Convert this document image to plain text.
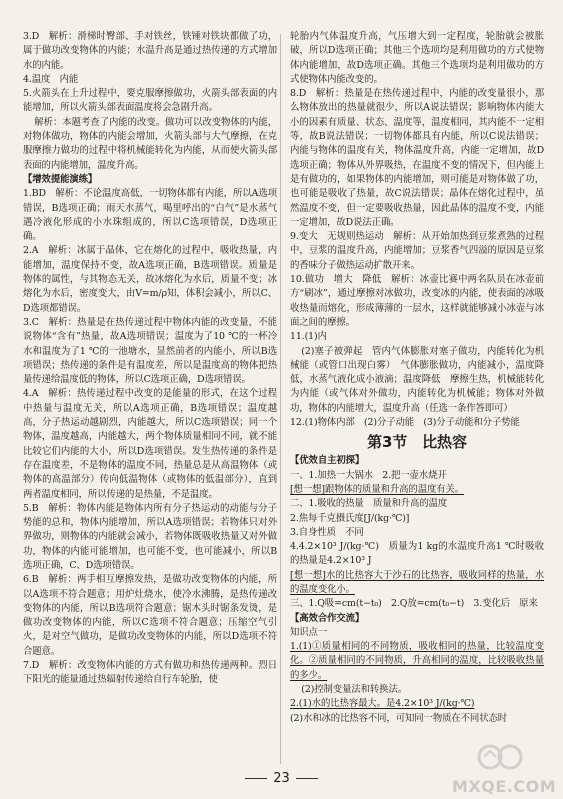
3.D　解析：滑梯时臀部、手对铁丝，铁锤对铁块都做了功，属于做功改变物体的内能；水温升高是通过热传递的方式增加水的内能。

4.温度　内能

5.火箭头在上升过程中，要克服摩擦做功，火箭头部表面的内能增加，所以火箭头部表面温度将会急剧升高。

解析：本题考查了内能的改变。做功可以改变物体的内能，对物体做功，物体的内能会增加，火箭头部与大气摩擦，在克服摩擦力做功的过程中将机械能转化为内能，从而使火箭头部表面的内能增加，温度升高。

【增效提能演练】

1.BD　解析：不论温度高低，一切物体都有内能，所以A选项错误，B选项正确；雨天水蒸气，喝里呼出的“白气”是水蒸气遇冷液化形成的小水珠组成的，所以C选项错误，D选项正确。

2.A　解析：冰属于晶体，它在熔化的过程中，吸收热量，内能增加，温度保持不变，故A选项正确，B选项错误。质量是物体的属性，与其物态无关，故冰熔化为水后，质量不变；冰熔化为水后，密度变大，由V=m/ρ知，体积会减小，所以C、D选项都错误。

3.C　解析：热量是在热传递过程中物体内能的改变量，不能说物体“含有”热量，故A选项错误；温度为了10 ℃的一杯冷水和温度为了1 ℃的一池塘水，显然前者的内能小，所以B选项错误；热传递的条件是有温度差，所以是温度高的物体把热量传递给温度低的物体，所以C选项正确，D选项错误。

4.A　解析：热传递过程中改变的是能量的形式，在这个过程中热量与温度无关，所以A选项正确，B选项错误；温度越高，分子热运动越剧烈，内能越大，所以C选项错误；同一个物体，温度越高，内能越大，两个物体质量相同不同，就不能比较它们内能的大小，所以D选项错误。发生热传递的条件是存在温度差，不是物体的温度不同，热量总是从高温物体（或物体的高温部分）传向低温物体（或物体的低温部分），直到两者温度相同，所以传递的是热量，不是温度。

5.B　解析：物体内能是物体内所有分子热运动的动能与分子势能的总和，物体内能增加，所以A选项错误；若物体只对外界做功，则物体的内能就会减小，若物体既吸收热量又对外做功，物体的内能可能增加，也可能不变，也可能减小，所以B选项正确，C、D选项错误。

6.B　解析：两手相互摩擦发热，是做功改变物体的内能，所以A选项不符合题意；用炉灶烧水，使冷水沸腾，是热传递改变物体的内能，所以B选项符合题意；锯木头时锯条发烫，是做功改变物体的内能，所以C选项不符合题意；压缩空气引火，是对空气做功，是做功改变物体的内能，所以D选项不符合题意。

7.D　解析：改变物体内能的方式有做功和热传递两种。烈日下阳光的能量通过热辐射传递给自行车轮胎，使

轮胎内气体温度升高，气压增大到一定程度，轮胎就会被胀破，所以D选项正确；其他三个选项均是利用做功的方式使物体内能增加，故D选项正确。其他三个选项均是利用做功的方式使物体内能改变的。

8.D　解析：热量是在热传递过程中，内能的改变量很小，那么物体放出的热量就很少，所以A说法错误；影响物体内能大小的因素有质量、状态、温度等，温度相同，其内能不一定相等，故B说法错误；一切物体都具有内能，所以C说法错误；内能与物体的温度有关，物体温度升高，内能一定增加，故D选项正确；物体从外界吸热，在温度不变的情况下，但内能上是有做功的，如果物体的内能增加，则可能是对物体做了功，也可能是吸收了热量，故C说法错误；晶体在熔化过程中，虽然温度不变，但一定要吸收热量，因此晶体的温度不变，内能一定增加，故D说法正确。

9.变大　无规则热运动　解析：从开始加热到豆浆煮熟的过程中，豆浆的温度升高，内能增加；豆浆香气四溢的原因是豆浆的香味分子做热运动扩散开来。

10.做功　增大　降低　解析：冰壶比赛中两名队员在冰壶前方“刷冰”，通过摩擦对冰做功，改变冰的内能，使表面的冰吸收热量而熔化，形成薄薄的一层水，这样就能够减小冰壶与冰面之间的摩擦。

11.(1)内

(2)塞子被弹起　管内气体膨胀对塞子做功，内能转化为机械能（或管口出现白雾）　气体膨胀做功，内能减小，温度降低，水蒸气液化成小液滴；温度降低　摩擦生热，机械能转化为内能（或气体对外做功，内能转化为机械能；物体对外做功，物体的内能增大，温度升高（任选一条作答即可）

12.(1)物体内部　(2)分子动能　(3)分子动能和分子势能

第3节　比热容

【优效自主初探】

一、1.加热一大锅水　2.把一壶水烧开

[想一想]跟物体的质量和升高的温度有关。

二、1.吸收的热量　质量和升高的温度

2.焦每千克摄氏度[J/(kg·℃)]

3.自身性质　不同

4.4.2×10³ J/(kg·℃)　质量为1 kg的水温度升高1 ℃时吸收的热量是4.2×10³ J

[想一想]水的比热容大于沙石的比热容，吸收同样的热量，水的温度变化小。

三、1.Q吸=cm(t−t₀)　2.Q放=cm(t₀−t)　3.变化后　原来

【高效合作交流】

知识点一

1.(1)①质量相同的不同物质，吸收相同的热量，比较温度变化。②质量相同的不同物质，升高相同的温度，比较吸收热量的多少。

(2)控制变量法和转换法。

2.(1)水的比热容最大。是4.2×10³ J/(kg·℃)

(2)水和冰的比热容不同，可知同一物质在不同状态时

23	MXQE.COM
